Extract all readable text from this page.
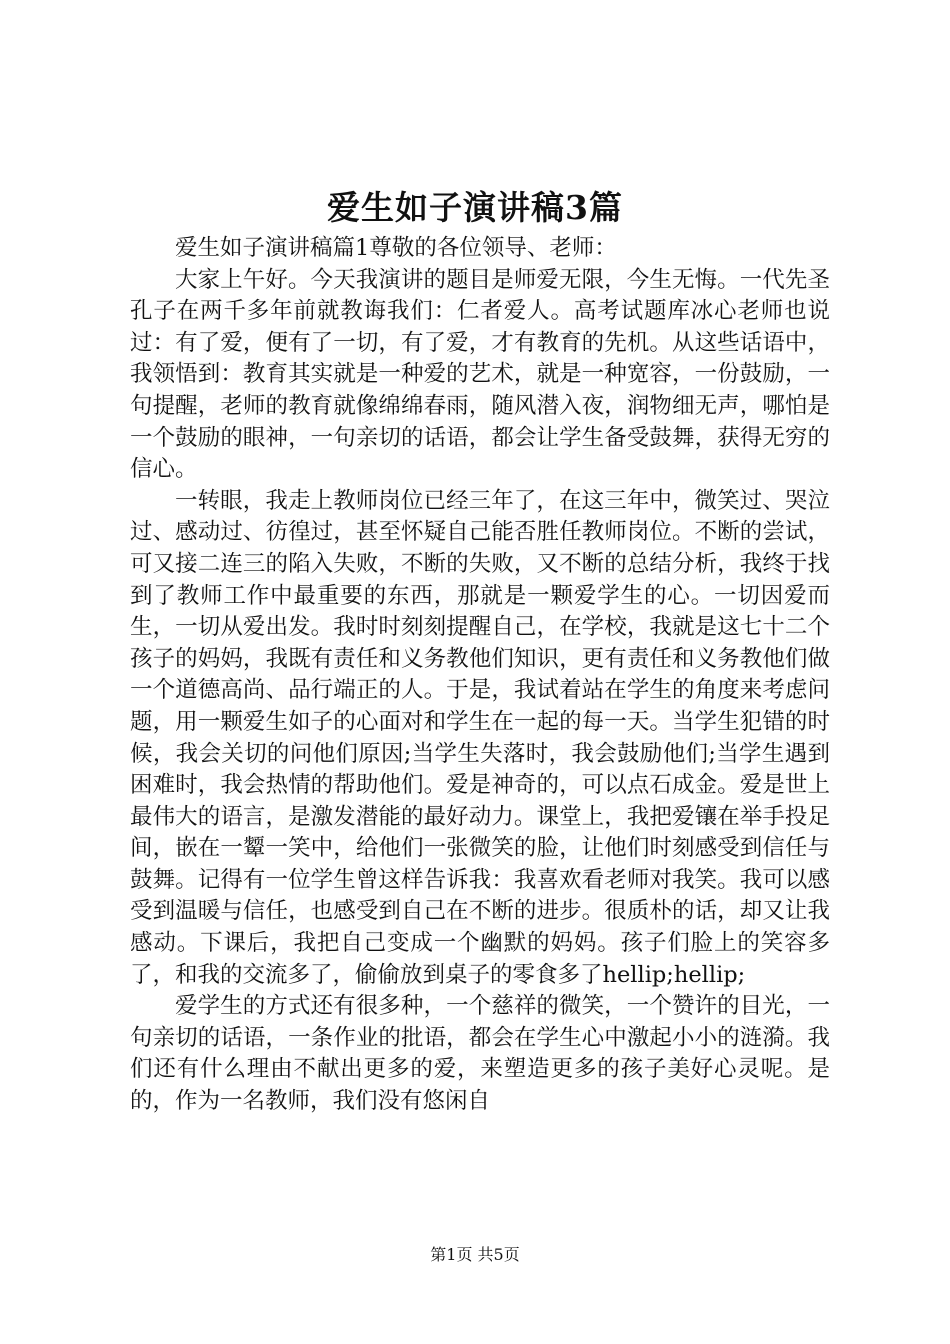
爱生如子演讲稿3篇

爱生如子演讲稿篇1尊敬的各位领导、老师：

大家上午好。今天我演讲的题目是师爱无限，今生无悔。一代先圣孔子在两千多年前就教诲我们：仁者爱人。高考试题库冰心老师也说过：有了爱，便有了一切，有了爱，才有教育的先机。从这些话语中，我领悟到：教育其实就是一种爱的艺术，就是一种宽容，一份鼓励，一句提醒，老师的教育就像绵绵春雨，随风潜入夜，润物细无声，哪怕是一个鼓励的眼神，一句亲切的话语，都会让学生备受鼓舞，获得无穷的信心。

一转眼，我走上教师岗位已经三年了，在这三年中，微笑过、哭泣过、感动过、彷徨过，甚至怀疑自己能否胜任教师岗位。不断的尝试，可又接二连三的陷入失败，不断的失败，又不断的总结分析，我终于找到了教师工作中最重要的东西，那就是一颗爱学生的心。一切因爱而生，一切从爱出发。我时时刻刻提醒自己，在学校，我就是这七十二个孩子的妈妈，我既有责任和义务教他们知识，更有责任和义务教他们做一个道德高尚、品行端正的人。于是，我试着站在学生的角度来考虑问题，用一颗爱生如子的心面对和学生在一起的每一天。当学生犯错的时候，我会关切的问他们原因;当学生失落时，我会鼓励他们;当学生遇到困难时，我会热情的帮助他们。爱是神奇的，可以点石成金。爱是世上最伟大的语言，是激发潜能的最好动力。课堂上，我把爱镶在举手投足间，嵌在一颦一笑中，给他们一张微笑的脸，让他们时刻感受到信任与鼓舞。记得有一位学生曾这样告诉我：我喜欢看老师对我笑。我可以感受到温暖与信任，也感受到自己在不断的进步。很质朴的话，却又让我感动。下课后，我把自己变成一个幽默的妈妈。孩子们脸上的笑容多了，和我的交流多了，偷偷放到桌子的零食多了hellip;hellip;

爱学生的方式还有很多种，一个慈祥的微笑，一个赞许的目光，一句亲切的话语，一条作业的批语，都会在学生心中激起小小的涟漪。我们还有什么理由不献出更多的爱，来塑造更多的孩子美好心灵呢。是的，作为一名教师，我们没有悠闲自

第1页 共5页
